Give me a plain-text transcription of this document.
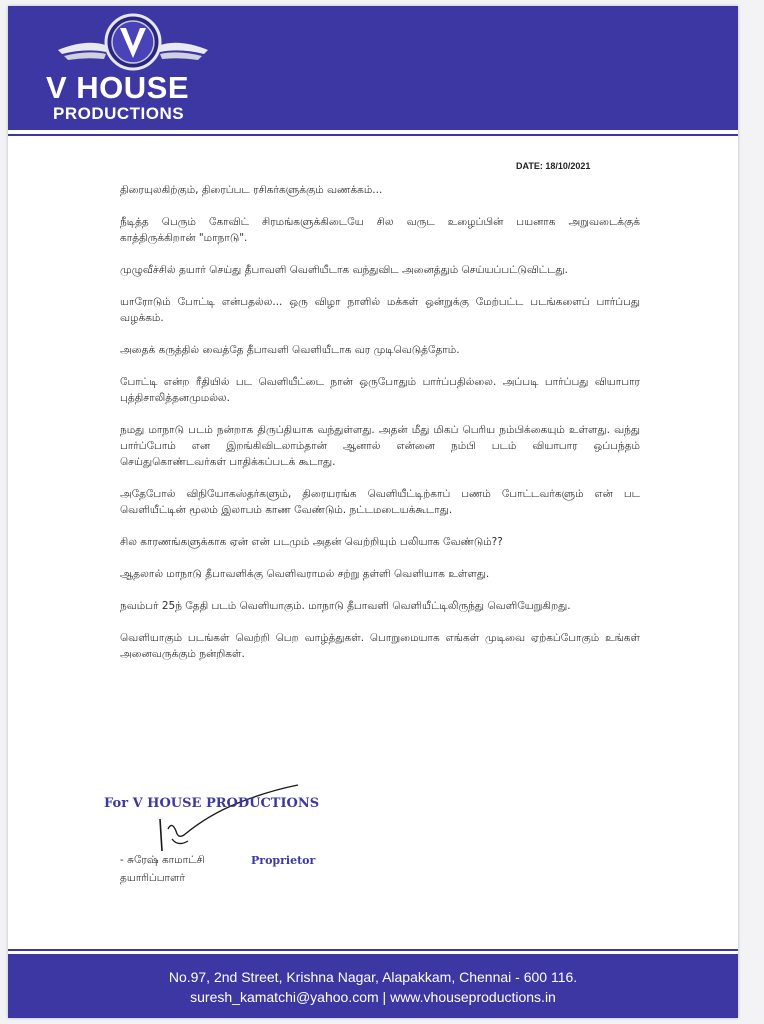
V HOUSE
PRODUCTIONS
DATE: 18/10/2021

திரையுலகிற்கும், திரைப்பட ரசிகர்களுக்கும் வணக்கம்...

நீடித்த பெரும் கோவிட் சிரமங்களுக்கிடையே சில வருட உழைப்பின் பயனாக அறுவடைக்குக் காத்திருக்கிறான் "மாநாடு".

முழுவீச்சில் தயார் செய்து தீபாவளி வெளியீடாக வந்துவிட அனைத்தும் செய்யப்பட்டுவிட்டது.

யாரோடும் போட்டி என்பதல்ல... ஒரு விழா நாளில் மக்கள் ஒன்றுக்கு மேற்பட்ட படங்களைப் பார்ப்பது வழக்கம்.

அதைக் கருத்தில் வைத்தே தீபாவளி வெளியீடாக வர முடிவெடுத்தோம்.

போட்டி என்ற ரீதியில் பட வெளியீட்டை நான் ஒருபோதும் பார்ப்பதில்லை. அப்படி பார்ப்பது வியாபார புத்திசாலித்தனமுமல்ல.

நமது மாநாடு படம் நன்றாக திருப்தியாக வந்துள்ளது. அதன் மீது மிகப் பெரிய நம்பிக்கையும் உள்ளது. வந்து பார்ப்போம் என இறங்கிவிடலாம்தான் ஆனால் என்னை நம்பி படம் வியாபார ஒப்பந்தம் செய்துகொண்டவர்கள் பாதிக்கப்படக் கூடாது.

அதேபோல் விநியோகஸ்தர்களும், திரையரங்க வெளியீட்டிற்காப் பணம் போட்டவர்களும் என் பட வெளியீட்டின் மூலம் இலாபம் காண வேண்டும். நட்டமடையக்கூடாது.

சில காரணங்களுக்காக ஏன் என் படமும் அதன் வெற்றியும் பலியாக வேண்டும்??

ஆதலால் மாநாடு தீபாவளிக்கு வெளிவராமல் சற்று தள்ளி வெளியாக உள்ளது.

நவம்பர் 25ந் தேதி படம் வெளியாகும். மாநாடு தீபாவளி வெளியீட்டிலிருந்து வெளியேறுகிறது.

வெளியாகும் படங்கள் வெற்றி பெற வாழ்த்துகள். பொறுமையாக எங்கள் முடிவை ஏற்கப்போகும் உங்கள் அனைவருக்கும் நன்றிகள்.

For V HOUSE PRODUCTIONS
- சுரேஷ் காமாட்சி	Proprietor
தயாரிப்பாளர்
No.97, 2nd Street, Krishna Nagar, Alapakkam, Chennai - 600 116.
suresh_kamatchi@yahoo.com | www.vhouseproductions.in
